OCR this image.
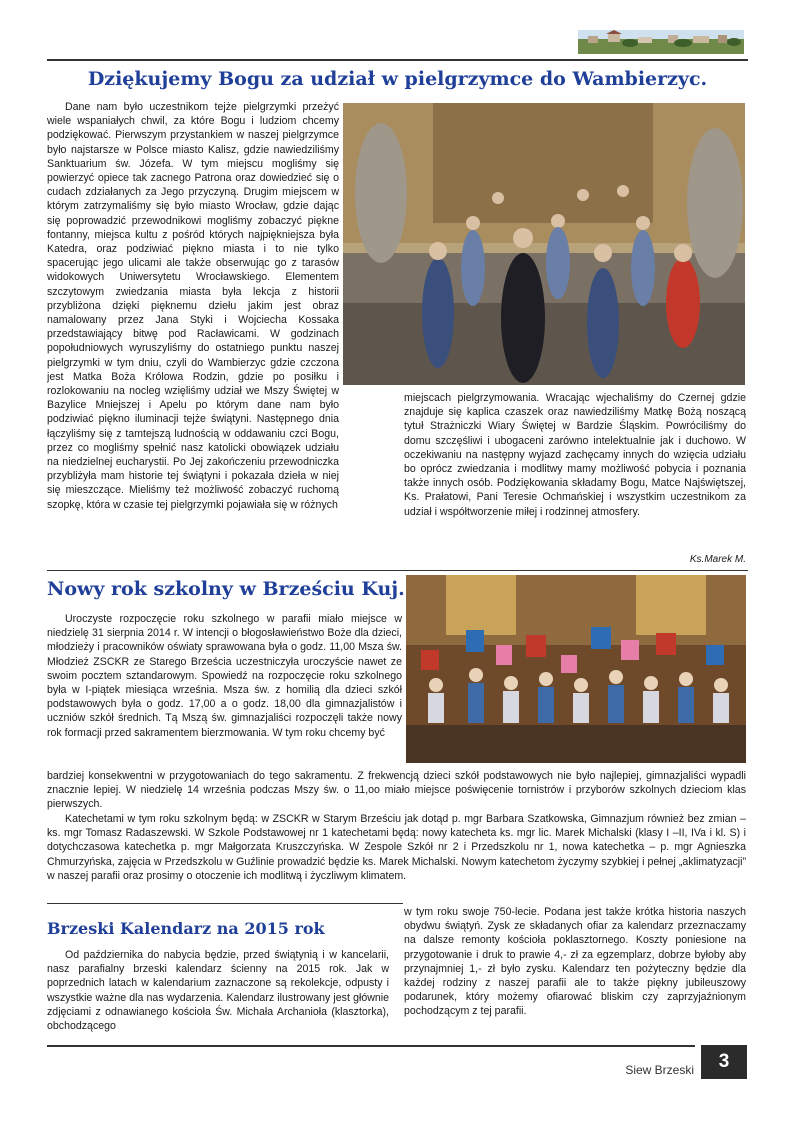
Dziękujemy Bogu za udział w pielgrzymce do Wambierzyc.

Dane nam było uczestnikom tejże pielgrzymki przeżyć wiele wspaniałych chwil, za które Bogu i ludziom chcemy podziękować. Pierwszym przystankiem w naszej pielgrzymce było najstarsze w Polsce miasto Kalisz, gdzie nawiedziliśmy Sanktuarium św. Józefa. W tym miejscu mogliśmy się powierzyć opiece tak zacnego Patrona oraz dowiedzieć się o cudach zdziałanych za Jego przyczyną. Drugim miejscem w którym zatrzymaliśmy się było miasto Wrocław, gdzie dając się poprowadzić przewodnikowi mogliśmy zobaczyć piękne fontanny, miejsca kultu z pośród których najpiękniejsza była Katedra, oraz podziwiać piękno miasta i to nie tylko spacerując jego ulicami ale także obserwując go z tarasów widokowych Uniwersytetu Wrocławskiego. Elementem szczytowym zwiedzania miasta była lekcja z historii przybliżona dzięki pięknemu dziełu jakim jest obraz namalowany przez Jana Styki i Wojciecha Kossaka przedstawiający bitwę pod Racławicami. W godzinach popołudniowych wyruszyliśmy do ostatniego punktu naszej pielgrzymki w tym dniu, czyli do Wambierzyc gdzie czczona jest Matka Boża Królowa Rodzin, gdzie po posiłku i rozlokowaniu na nocleg wzięliśmy udział we Mszy Świętej w Bazylice Mniejszej i Apelu po którym dane nam było podziwiać piękno iluminacji tejże świątyni. Następnego dnia łączyliśmy się z tamtejszą ludnością w oddawaniu czci Bogu, przez co mogliśmy spełnić nasz katolicki obowiązek udziału na niedzielnej eucharystii. Po Jej zakończeniu przewodniczka przybliżyła mam historie tej świątyni i pokazała dzieła w niej się mieszczące. Mieliśmy też możliwość zobaczyć ruchomą szopkę, która w czasie tej pielgrzymki pojawiała się w różnych

miejscach pielgrzymowania. Wracając wjechaliśmy do Czernej gdzie znajduje się kaplica czaszek oraz nawiedziliśmy Matkę Bożą noszącą tytuł Strażniczki Wiary Świętej w Bardzie Śląskim. Powróciliśmy do domu szczęśliwi i ubogaceni zarówno intelektualnie jak i duchowo. W oczekiwaniu na następny wyjazd zachęcamy innych do wzięcia udziału bo oprócz zwiedzania i modlitwy mamy możliwość pobycia i poznania także innych osób. Podziękowania składamy Bogu, Matce Najświętszej, Ks. Prałatowi, Pani Teresie Ochmańskiej i wszystkim uczestnikom za udział i współtworzenie miłej i rodzinnej atmosfery.

Ks.Marek M.
Nowy rok szkolny w Brześciu Kuj.

Uroczyste rozpoczęcie roku szkolnego w parafii miało miejsce w niedzielę 31 sierpnia 2014 r. W intencji o błogosławieństwo Boże dla dzieci, młodzieży i pracowników oświaty sprawowana była o godz. 11,00 Msza św. Młodzież ZSCKR ze Starego Brześcia uczestniczyła uroczyście nawet ze swoim pocztem sztandarowym. Spowiedź na rozpoczęcie roku szkolnego była w I-piątek miesiąca września. Msza św. z homilią dla dzieci szkół podstawowych była o godz. 17,00 a o godz. 18,00 dla gimnazjalistów i uczniów szkół średnich. Tą Mszą św. gimnazjaliści rozpoczęli także nowy rok formacji przed sakramentem bierzmowania. W tym roku chcemy być

bardziej konsekwentni w przygotowaniach do tego sakramentu. Z frekwencją dzieci szkół podstawowych nie było najlepiej, gimnazjaliści wypadli znacznie lepiej. W niedzielę 14 września podczas Mszy św. o 11,oo miało miejsce poświęcenie tornistrów i przyborów szkolnych dzieciom klas pierwszych.

Katechetami w tym roku szkolnym będą: w ZSCKR w Starym Brześciu jak dotąd p. mgr Barbara Szatkowska, Gimnazjum również bez zmian – ks. mgr Tomasz Radaszewski. W Szkole Podstawowej nr 1 katechetami będą: nowy katecheta ks. mgr lic. Marek Michalski (klasy I –II, IVa i kl. S) i dotychczasowa katechetka p. mgr Małgorzata Kruszczyńska. W Zespole Szkół nr 2 i Przedszkolu nr 1, nowa katechetka – p. mgr Agnieszka Chmurzyńska, zajęcia w Przedszkolu w Guźlinie prowadzić będzie ks. Marek Michalski. Nowym katechetom życzymy szybkiej i pełnej „aklimatyzacji” w naszej parafii oraz prosimy o otoczenie ich modlitwą i życzliwym klimatem.

Brzeski Kalendarz na 2015 rok

Od października do nabycia będzie, przed świątynią i w kancelarii, nasz parafialny brzeski kalendarz ścienny na 2015 rok. Jak w poprzednich latach w kalendarium zaznaczone są rekolekcje, odpusty i wszystkie ważne dla nas wydarzenia. Kalendarz ilustrowany jest głównie zdjęciami z odnawianego kościoła Św. Michała Archanioła (klasztorka), obchodzącego

w tym roku swoje 750-lecie. Podana jest także krótka historia naszych obydwu świątyń. Zysk ze składanych ofiar za kalendarz przeznaczamy na dalsze remonty kościoła poklasztornego. Koszty poniesione na przygotowanie i druk to prawie 4,- zł za egzemplarz, dobrze byłoby aby przynajmniej 1,- zł było zysku. Kalendarz ten pożyteczny będzie dla każdej rodziny z naszej parafii ale to także piękny jubileuszowy podarunek, który możemy ofiarować bliskim czy zaprzyjaźnionym pochodzącym z tej parafii.

Siew Brzeski	3
